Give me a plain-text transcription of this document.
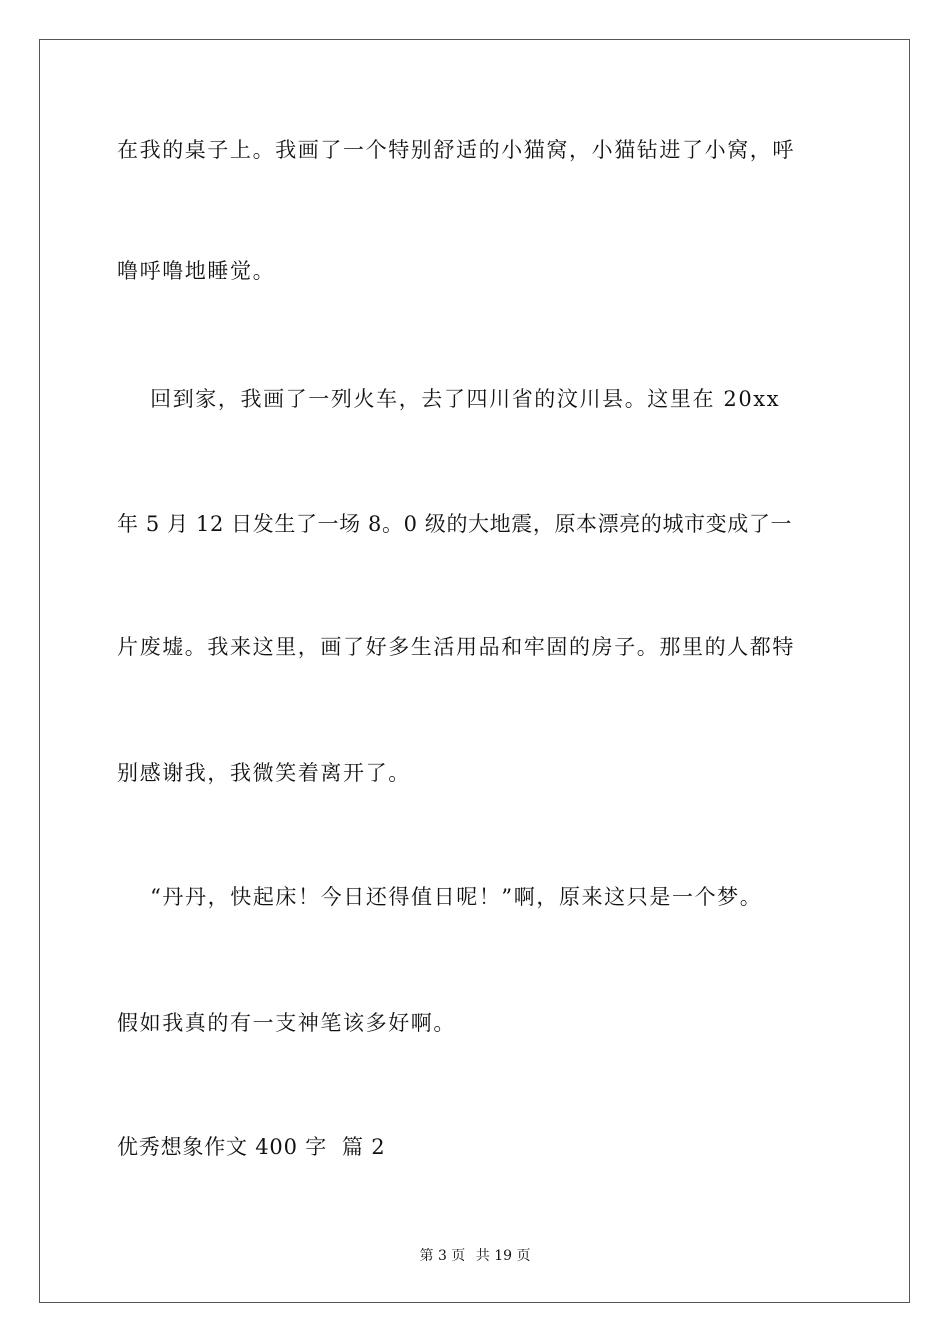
在我的桌子上。我画了一个特别舒适的小猫窝，小猫钻进了小窝，呼
噜呼噜地睡觉。
回到家，我画了一列火车，去了四川省的汶川县。这里在 20xx
年 5 月 12 日发生了一场 8。0 级的大地震，原本漂亮的城市变成了一
片废墟。我来这里，画了好多生活用品和牢固的房子。那里的人都特
别感谢我，我微笑着离开了。
“丹丹，快起床！今日还得值日呢！”啊，原来这只是一个梦。
假如我真的有一支神笔该多好啊。
优秀想象作文 400 字  篇 2
第 3 页 共 19 页
